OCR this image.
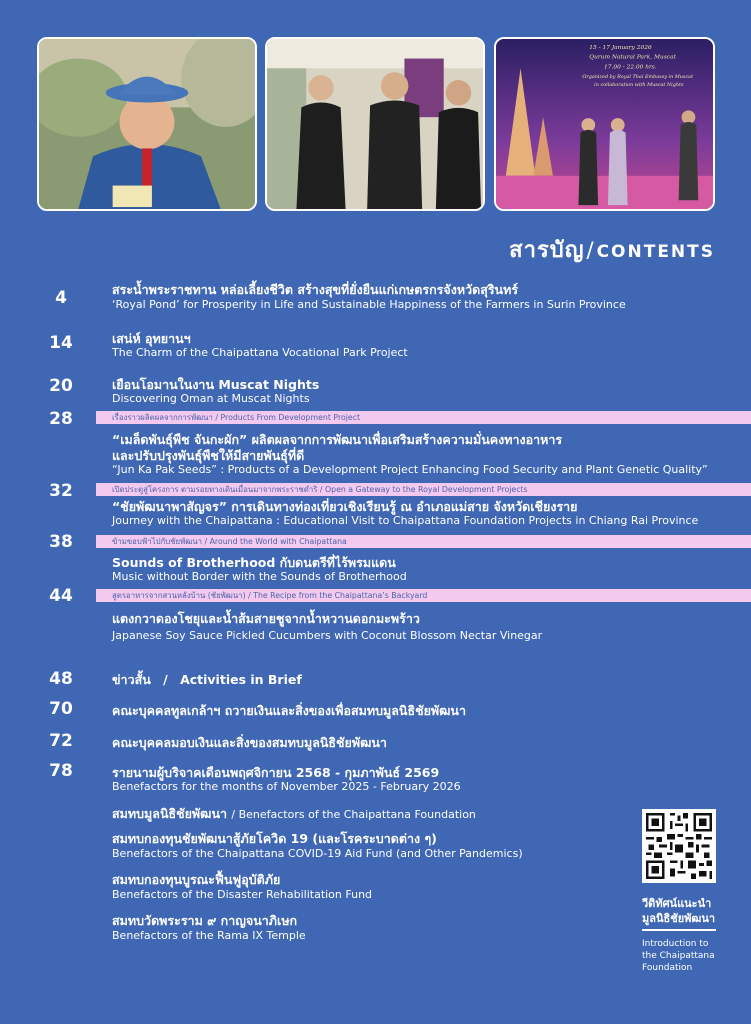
15 - 17 January 2026
Qurum Natural Park, Muscat
17.00 - 22.00 hrs.
Organized by Royal Thai Embassy in Muscat
in collaboration with Muscat Nights
สารบัญ/ CONTENTS
4	สระน้ำพระราชทาน หล่อเลี้ยงชีวิต สร้างสุขที่ยั่งยืนแก่เกษตรกรจังหวัดสุรินทร์
‘Royal Pond’ for Prosperity in Life and Sustainable Happiness of the Farmers in Surin Province
14	เสน่ห์ อุทยานฯ
The Charm of the Chaipattana Vocational Park Project
20	เยือนโอมานในงาน Muscat Nights
Discovering Oman at Muscat Nights
28	เรื่องราวผลิตผลจากการพัฒนา / Products From Development Project
“เมล็ดพันธุ์พืช จันกะผัก” ผลิตผลจากการพัฒนาเพื่อเสริมสร้างความมั่นคงทางอาหาร
และปรับปรุงพันธุ์พืชให้มีสายพันธุ์ที่ดี
“Jun Ka Pak Seeds” : Products of a Development Project Enhancing Food Security and Plant Genetic Quality”
32	เปิดประตูสู่โครงการ ตามรอยทางเดินเมื่อนมาจากพระราชดำริ / Open a Gateway to the Royal Development Projects
“ชัยพัฒนาพาสัญจร” การเดินทางท่องเที่ยวเชิงเรียนรู้ ณ อำเภอแม่สาย จังหวัดเชียงราย
Journey with the Chaipattana : Educational Visit to Chaipattana Foundation Projects in Chiang Rai Province
38	ข้ามขอบฟ้าไปกับชัยพัฒนา / Around the World with Chaipattana
Sounds of Brotherhood กับดนตรีที่ไร้พรมแดน
Music without Border with the Sounds of Brotherhood
44	สูตรอาหารจากสวนหลังบ้าน (ชัยพัฒนา) / The Recipe from the Chaipattana’s Backyard
แตงกวาดองโชยุและน้ำส้มสายชูจากน้ำหวานดอกมะพร้าว
Japanese Soy Sauce Pickled Cucumbers with Coconut Blossom Nectar Vinegar
48	ข่าวสั้น / Activities in Brief
70	คณะบุคคลทูลเกล้าฯ ถวายเงินและสิ่งของเพื่อสมทบมูลนิธิชัยพัฒนา
72	คณะบุคคลมอบเงินและสิ่งของสมทบมูลนิธิชัยพัฒนา
78	รายนามผู้บริจาคเดือนพฤศจิกายน 2568 - กุมภาพันธ์ 2569
Benefactors for the months of November 2025 - February 2026
สมทบมูลนิธิชัยพัฒนา / Benefactors of the Chaipattana Foundation
สมทบกองทุนชัยพัฒนาสู้ภัยโควิด 19 (และโรคระบาดต่าง ๆ)
Benefactors of the Chaipattana COVID-19 Aid Fund (and Other Pandemics)
สมทบกองทุนบูรณะฟื้นฟูอุบัติภัย
Benefactors of the Disaster Rehabilitation Fund
สมทบวัดพระราม ๙ กาญจนาภิเษก
Benefactors of the Rama IX Temple
วีดิทัศน์แนะนำ
มูลนิธิชัยพัฒนา
Introduction to
the Chaipattana
Foundation
